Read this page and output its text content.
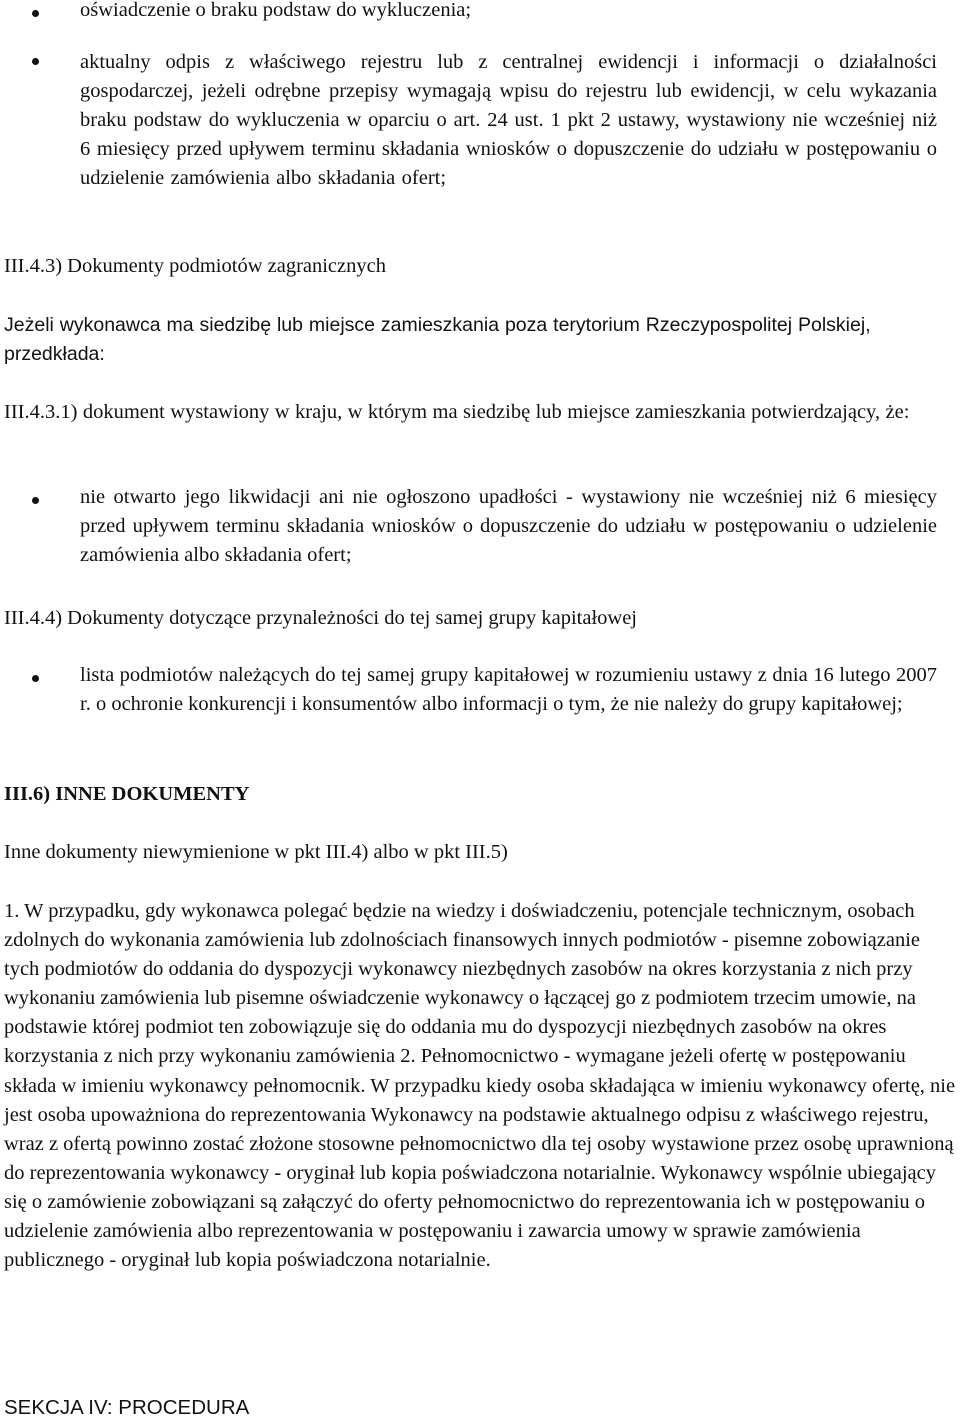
oświadczenie o braku podstaw do wykluczenia;
aktualny odpis z właściwego rejestru lub z centralnej ewidencji i informacji o działalności gospodarczej, jeżeli odrębne przepisy wymagają wpisu do rejestru lub ewidencji, w celu wykazania braku podstaw do wykluczenia w oparciu o art. 24 ust. 1 pkt 2 ustawy, wystawiony nie wcześniej niż 6 miesięcy przed upływem terminu składania wniosków o dopuszczenie do udziału w postępowaniu o udzielenie zamówienia albo składania ofert;
III.4.3) Dokumenty podmiotów zagranicznych
Jeżeli wykonawca ma siedzibę lub miejsce zamieszkania poza terytorium Rzeczypospolitej Polskiej, przedkłada:
III.4.3.1) dokument wystawiony w kraju, w którym ma siedzibę lub miejsce zamieszkania potwierdzający, że:
nie otwarto jego likwidacji ani nie ogłoszono upadłości - wystawiony nie wcześniej niż 6 miesięcy przed upływem terminu składania wniosków o dopuszczenie do udziału w postępowaniu o udzielenie zamówienia albo składania ofert;
III.4.4) Dokumenty dotyczące przynależności do tej samej grupy kapitałowej
lista podmiotów należących do tej samej grupy kapitałowej w rozumieniu ustawy z dnia 16 lutego 2007 r. o ochronie konkurencji i konsumentów albo informacji o tym, że nie należy do grupy kapitałowej;
III.6) INNE DOKUMENTY
Inne dokumenty niewymienione w pkt III.4) albo w pkt III.5)
1. W przypadku, gdy wykonawca polegać będzie na wiedzy i doświadczeniu, potencjale technicznym, osobach zdolnych do wykonania zamówienia lub zdolnościach finansowych innych podmiotów - pisemne zobowiązanie tych podmiotów do oddania do dyspozycji wykonawcy niezbędnych zasobów na okres korzystania z nich przy wykonaniu zamówienia lub pisemne oświadczenie wykonawcy o łączącej go z podmiotem trzecim umowie, na podstawie której podmiot ten zobowiązuje się do oddania mu do dyspozycji niezbędnych zasobów na okres korzystania z nich przy wykonaniu zamówienia 2. Pełnomocnictwo - wymagane jeżeli ofertę w postępowaniu składa w imieniu wykonawcy pełnomocnik. W przypadku kiedy osoba składająca w imieniu wykonawcy ofertę, nie jest osoba upoważniona do reprezentowania Wykonawcy na podstawie aktualnego odpisu z właściwego rejestru, wraz z ofertą powinno zostać złożone stosowne pełnomocnictwo dla tej osoby wystawione przez osobę uprawnioną do reprezentowania wykonawcy - oryginał lub kopia poświadczona notarialnie. Wykonawcy wspólnie ubiegający się o zamówienie zobowiązani są załączyć do oferty pełnomocnictwo do reprezentowania ich w postępowaniu o udzielenie zamówienia albo reprezentowania w postępowaniu i zawarcia umowy w sprawie zamówienia publicznego - oryginał lub kopia poświadczona notarialnie.
SEKCJA IV: PROCEDURA
